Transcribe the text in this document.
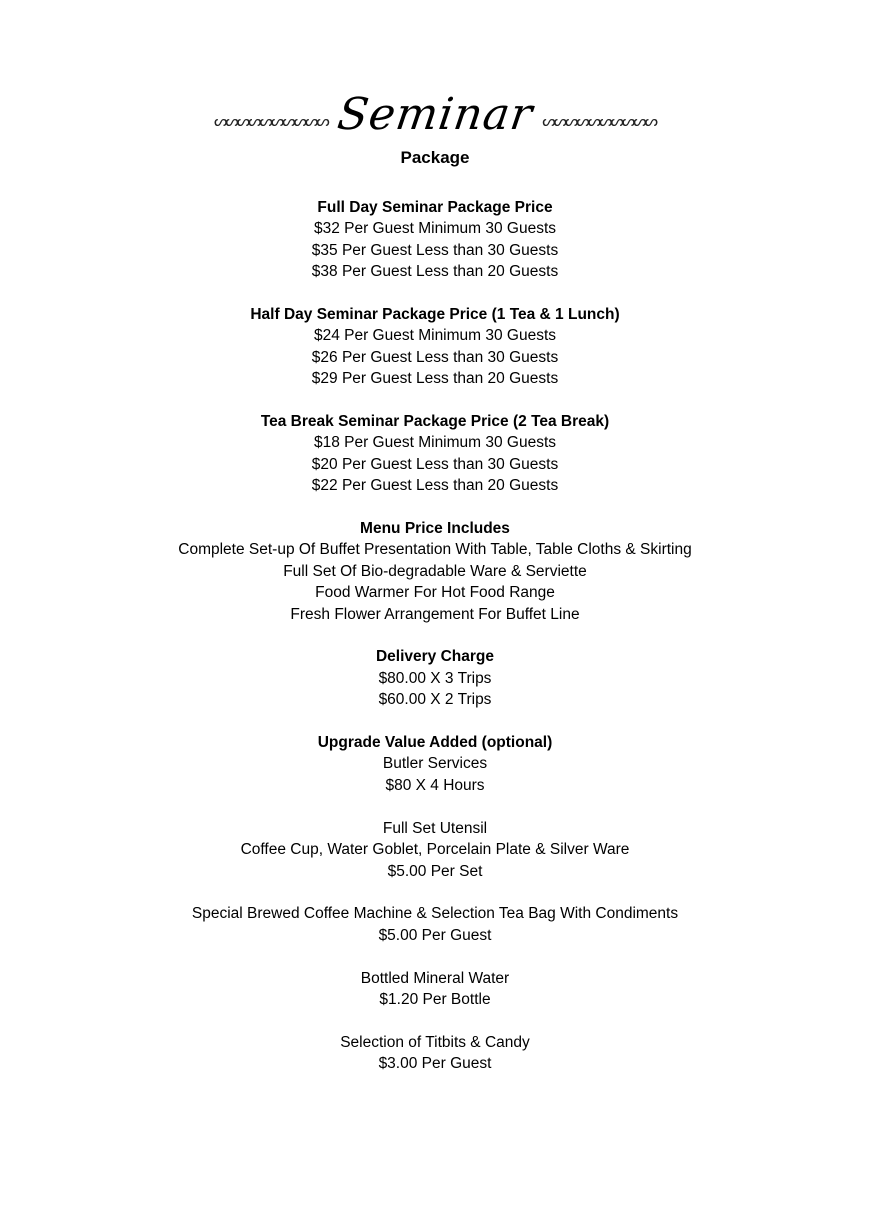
ᔕᔕᔕᔕᔕᔕᔕᔕᔕᔕ Seminar ᔕᔕᔕᔕᔕᔕᔕᔕᔕᔕ
Package
Full Day Seminar Package Price
$32 Per Guest Minimum 30 Guests
$35 Per Guest Less than 30 Guests
$38 Per Guest Less than 20 Guests
Half Day Seminar Package Price (1 Tea & 1 Lunch)
$24 Per Guest Minimum 30 Guests
$26 Per Guest Less than 30 Guests
$29 Per Guest Less than 20 Guests
Tea Break Seminar Package Price (2 Tea Break)
$18 Per Guest Minimum 30 Guests
$20 Per Guest Less than 30 Guests
$22 Per Guest Less than 20 Guests
Menu Price Includes
Complete Set-up Of Buffet Presentation With Table, Table Cloths & Skirting
Full Set Of Bio-degradable Ware & Serviette
Food Warmer For Hot Food Range
Fresh Flower Arrangement For Buffet Line
Delivery Charge
$80.00 X 3 Trips
$60.00 X 2 Trips
Upgrade Value Added (optional)
Butler Services
$80 X 4 Hours
Full Set Utensil
Coffee Cup, Water Goblet, Porcelain Plate & Silver Ware
$5.00 Per Set
Special Brewed Coffee Machine & Selection Tea Bag With Condiments
$5.00 Per Guest
Bottled Mineral Water
$1.20 Per Bottle
Selection of Titbits & Candy
$3.00 Per Guest
